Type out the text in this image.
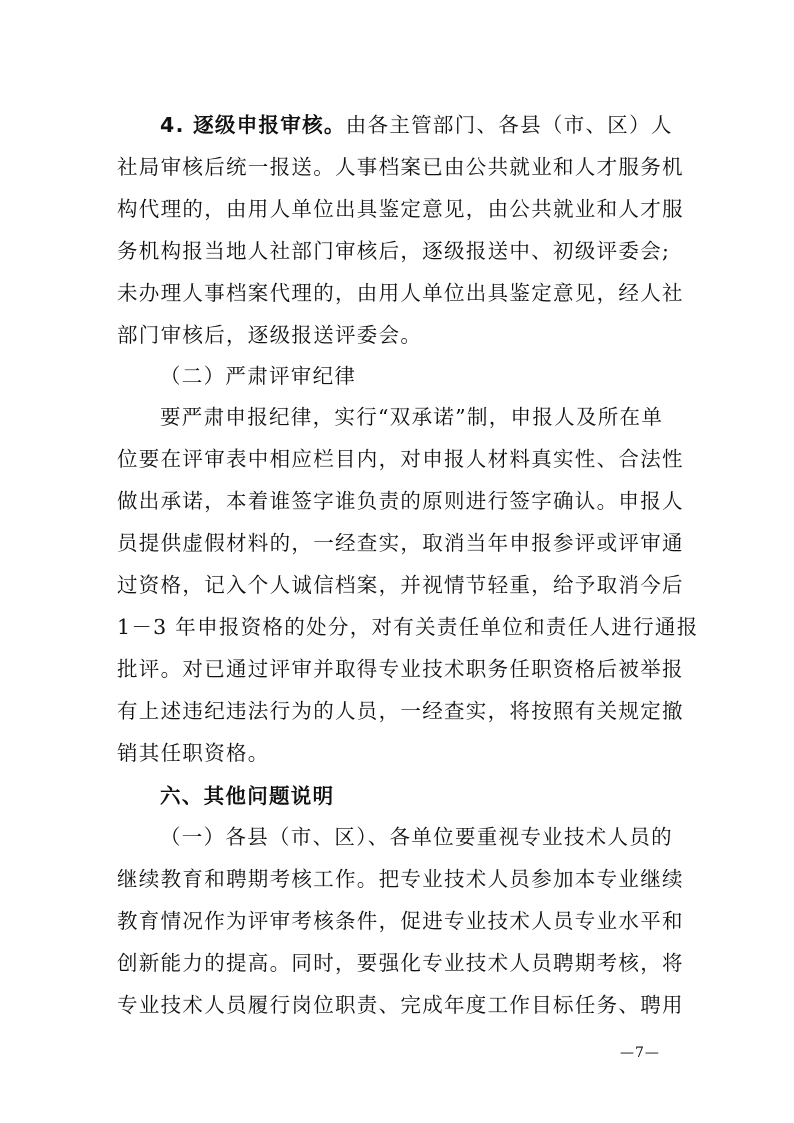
4. 逐级申报审核。由各主管部门、各县（市、区）人
社局审核后统一报送。人事档案已由公共就业和人才服务机
构代理的，由用人单位出具鉴定意见，由公共就业和人才服
务机构报当地人社部门审核后，逐级报送中、初级评委会;
未办理人事档案代理的，由用人单位出具鉴定意见，经人社
部门审核后，逐级报送评委会。
（二）严肃评审纪律
要严肃申报纪律，实行“双承诺”制，申报人及所在单
位要在评审表中相应栏目内，对申报人材料真实性、合法性
做出承诺，本着谁签字谁负责的原则进行签字确认。申报人
员提供虚假材料的，一经查实，取消当年申报参评或评审通
过资格，记入个人诚信档案，并视情节轻重，给予取消今后
1－3 年申报资格的处分，对有关责任单位和责任人进行通报
批评。对已通过评审并取得专业技术职务任职资格后被举报
有上述违纪违法行为的人员，一经查实，将按照有关规定撤
销其任职资格。
六、其他问题说明
（一）各县（市、区）、各单位要重视专业技术人员的
继续教育和聘期考核工作。把专业技术人员参加本专业继续
教育情况作为评审考核条件，促进专业技术人员专业水平和
创新能力的提高。同时，要强化专业技术人员聘期考核，将
专业技术人员履行岗位职责、完成年度工作目标任务、聘用
—7—
